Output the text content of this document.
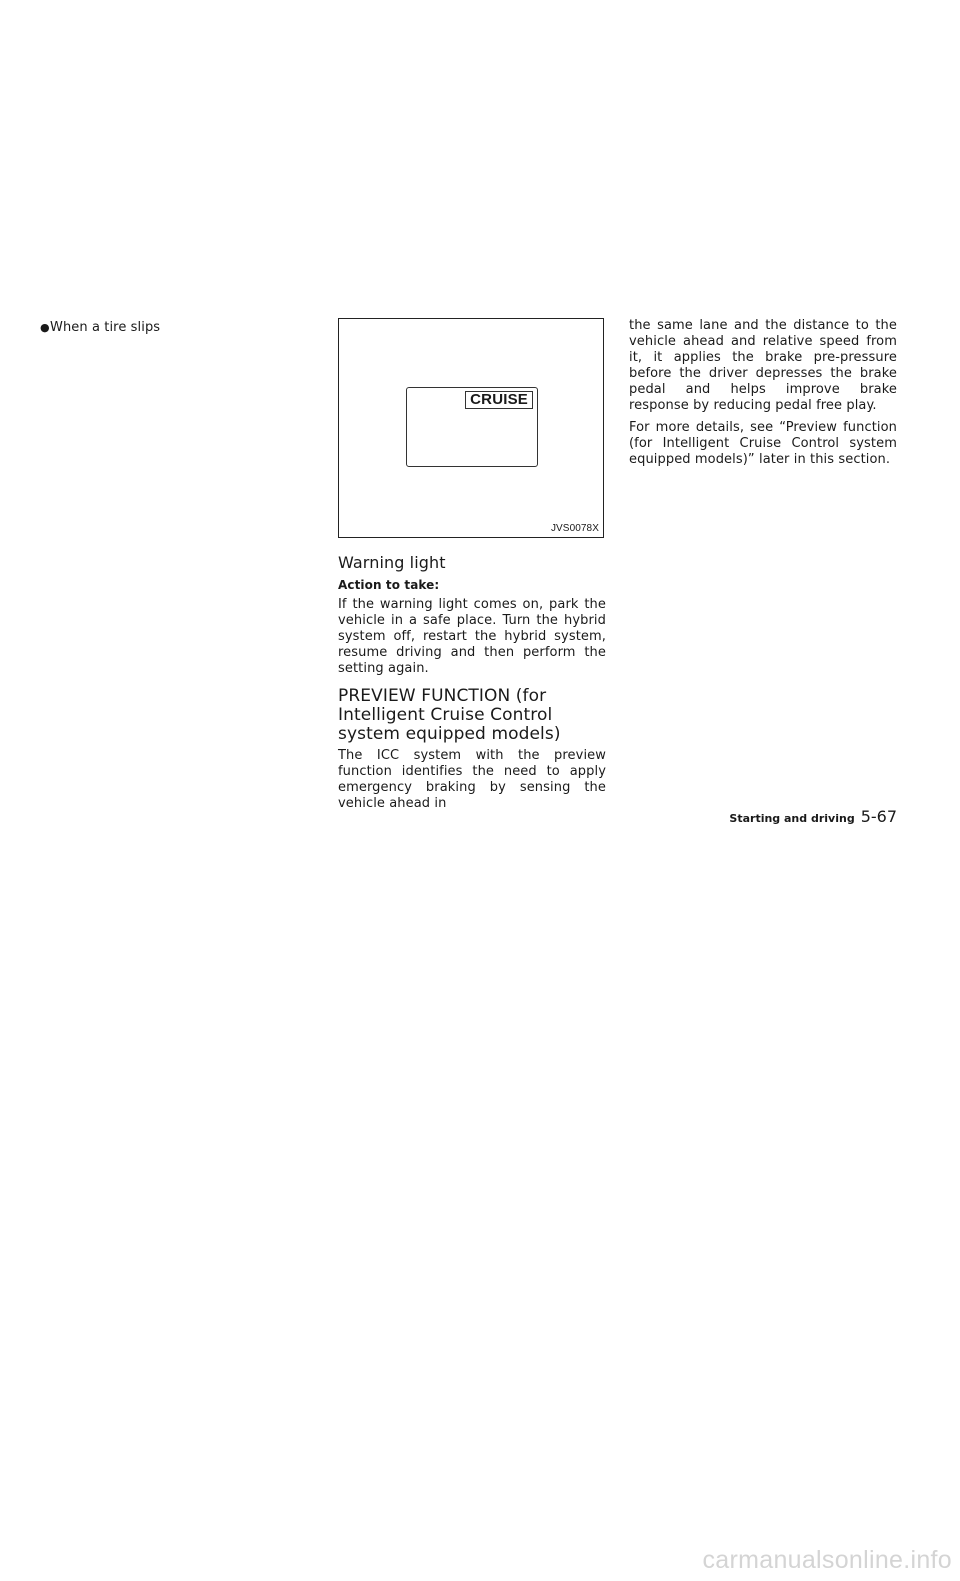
● When a tire slips
CRUISE
JVS0078X
Warning light
Action to take:

If the warning light comes on, park the vehicle in a safe place. Turn the hybrid system off, restart the hybrid system, resume driving and then perform the setting again.

PREVIEW FUNCTION (for Intelligent Cruise Control system equipped models)

The ICC system with the preview function identifies the need to apply emergency braking by sensing the vehicle ahead in

the same lane and the distance to the vehicle ahead and relative speed from it, it applies the brake pre-pressure before the driver depresses the brake pedal and helps improve brake response by reducing pedal free play.

For more details, see “Preview function (for Intelligent Cruise Control system equipped models)” later in this section.

Starting and driving 5-67
carmanualsonline.info
